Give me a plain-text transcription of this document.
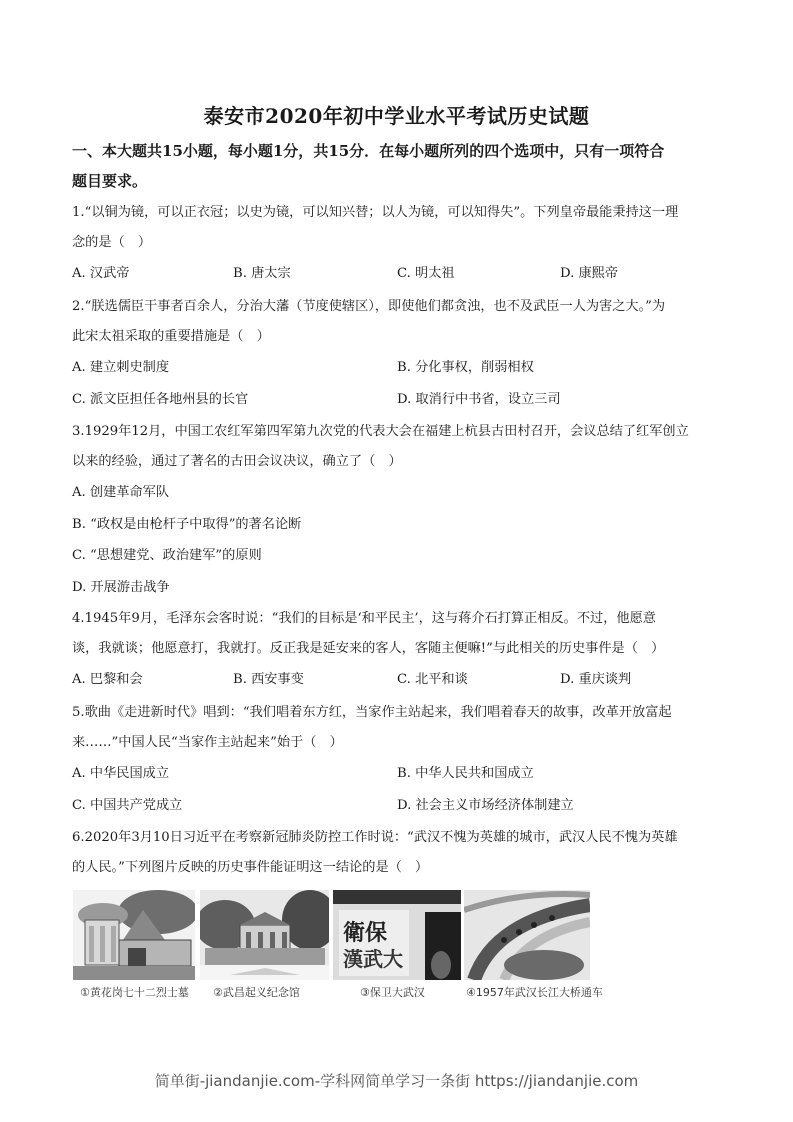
泰安市2020年初中学业水平考试历史试题
一、本大题共15小题，每小题1分，共15分．在每小题所列的四个选项中，只有一项符合
题目要求。
1.“以铜为镜，可以正衣冠；以史为镜，可以知兴替；以人为镜，可以知得失”。下列皇帝最能秉持这一理
念的是（　）
A. 汉武帝	B. 唐太宗	C. 明太祖	D. 康熙帝
2.“朕选儒臣干事者百余人，分治大藩（节度使辖区），即使他们都贪浊，也不及武臣一人为害之大。”为
此宋太祖采取的重要措施是（　）
A. 建立刺史制度	B. 分化事权，削弱相权
C. 派文臣担任各地州县的长官	D. 取消行中书省，设立三司
3.1929年12月，中国工农红军第四军第九次党的代表大会在福建上杭县古田村召开，会议总结了红军创立
以来的经验，通过了著名的古田会议决议，确立了（　）
A. 创建革命军队
B. “政权是由枪杆子中取得”的著名论断
C. “思想建党、政治建军”的原则
D. 开展游击战争
4.1945年9月，毛泽东会客时说：“我们的目标是‘和平民主’，这与蒋介石打算正相反。不过，他愿意
谈，我就谈；他愿意打，我就打。反正我是延安来的客人，客随主便嘛!”与此相关的历史事件是（　）
A. 巴黎和会	B. 西安事变	C. 北平和谈	D. 重庆谈判
5.歌曲《走进新时代》唱到：“我们唱着东方红，当家作主站起来，我们唱着春天的故事，改革开放富起
来……”中国人民“当家作主站起来”始于（　）
A. 中华民国成立	B. 中华人民共和国成立
C. 中国共产党成立	D. 社会主义市场经济体制建立
6.2020年3月10日习近平在考察新冠肺炎防控工作时说：“武汉不愧为英雄的城市，武汉人民不愧为英雄
的人民。”下列图片反映的历史事件能证明这一结论的是（　）
衛保
漢武大
①黄花岗七十二烈士墓 ②武昌起义纪念馆	③保卫大武汉	④1957年武汉长江大桥通车
简单街-jiandanjie.com-学科网简单学习一条街 https://jiandanjie.com
